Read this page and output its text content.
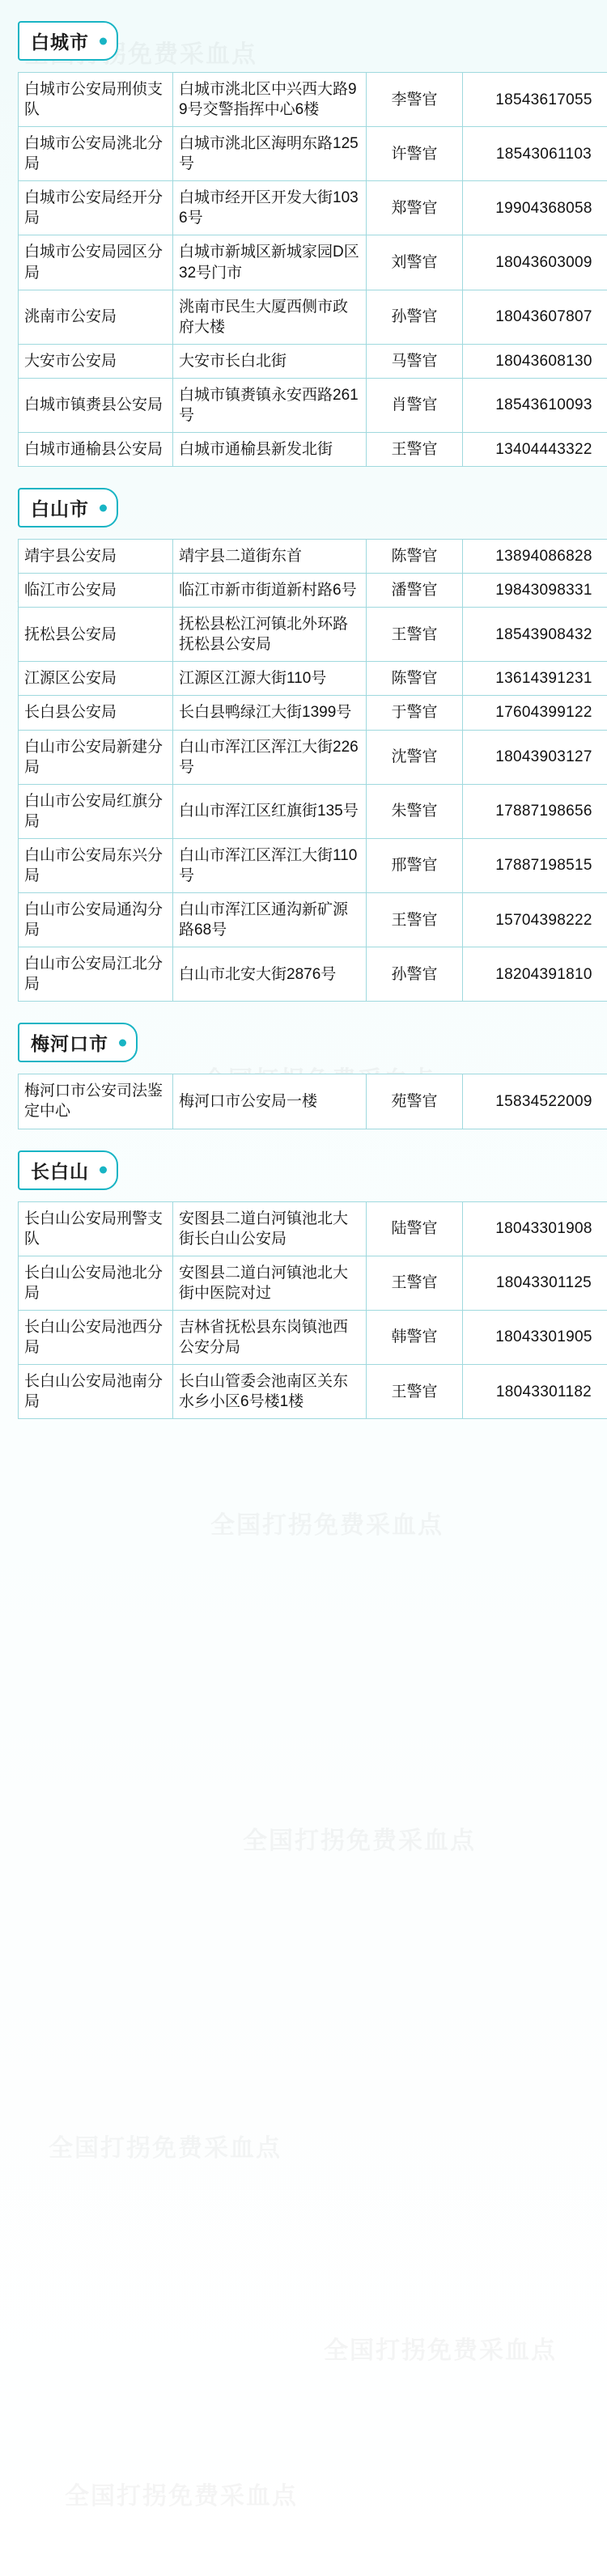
白城市
白城市公安局刑侦支队	白城市洮北区中兴西大路99号交警指挥中心6楼	李警官	18543617055
白城市公安局洮北分局	白城市洮北区海明东路125号	许警官	18543061103
白城市公安局经开分局	白城市经开区开发大街1036号	郑警官	19904368058
白城市公安局园区分局	白城市新城区新城家园D区32号门市	刘警官	18043603009
洮南市公安局	洮南市民生大厦西侧市政府大楼	孙警官	18043607807
大安市公安局	大安市长白北街	马警官	18043608130
白城市镇赉县公安局	白城市镇赉镇永安西路261号	肖警官	18543610093
白城市通榆县公安局	白城市通榆县新发北街	王警官	13404443322
白山市
靖宇县公安局	靖宇县二道街东首	陈警官	13894086828
临江市公安局	临江市新市街道新村路6号	潘警官	19843098331
抚松县公安局	抚松县松江河镇北外环路抚松县公安局	王警官	18543908432
江源区公安局	江源区江源大街110号	陈警官	13614391231
长白县公安局	长白县鸭绿江大街1399号	于警官	17604399122
白山市公安局新建分局	白山市浑江区浑江大街226号	沈警官	18043903127
白山市公安局红旗分局	白山市浑江区红旗街135号	朱警官	17887198656
白山市公安局东兴分局	白山市浑江区浑江大街110号	邢警官	17887198515
白山市公安局通沟分局	白山市浑江区通沟新矿源路68号	王警官	15704398222
白山市公安局江北分局	白山市北安大街2876号	孙警官	18204391810
梅河口市
梅河口市公安司法鉴定中心	梅河口市公安局一楼	苑警官	15834522009
长白山
长白山公安局刑警支队	安图县二道白河镇池北大街长白山公安局	陆警官	18043301908
长白山公安局池北分局	安图县二道白河镇池北大街中医院对过	王警官	18043301125
长白山公安局池西分局	吉林省抚松县东岗镇池西公安分局	韩警官	18043301905
长白山公安局池南分局	长白山管委会池南区关东水乡小区6号楼1楼	王警官	18043301182
